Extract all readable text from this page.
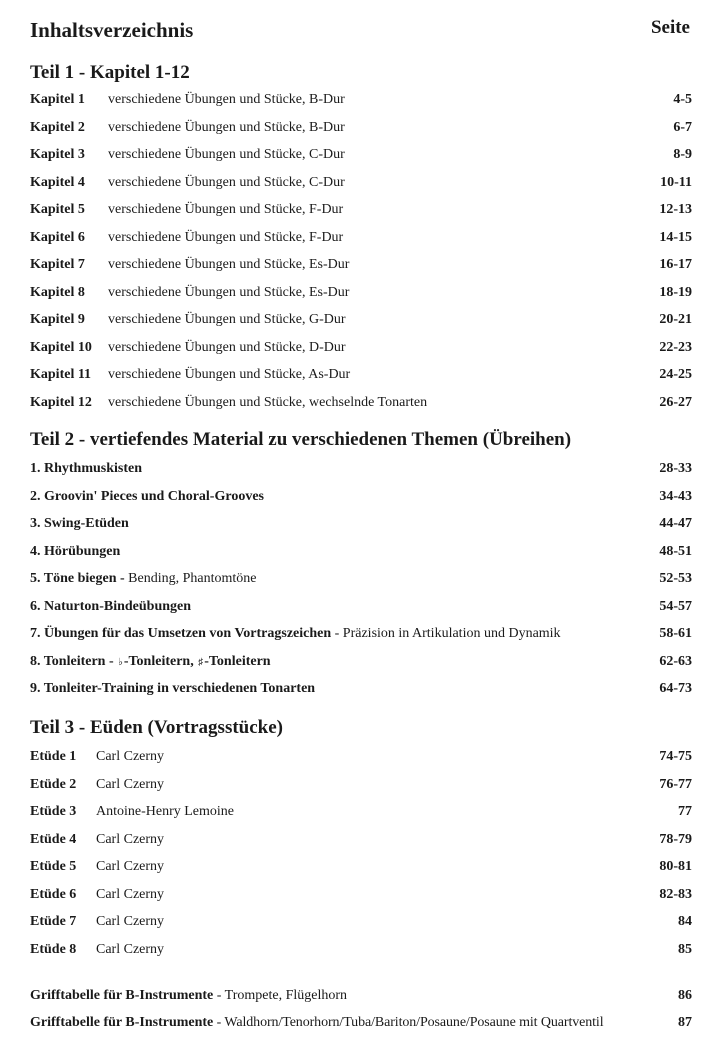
Inhaltsverzeichnis	Seite
Teil 1 - Kapitel 1-12
Kapitel 1 verschiedene Übungen und Stücke, B-Dur	4-5
Kapitel 2 verschiedene Übungen und Stücke, B-Dur	6-7
Kapitel 3 verschiedene Übungen und Stücke, C-Dur	8-9
Kapitel 4 verschiedene Übungen und Stücke, C-Dur	10-11
Kapitel 5 verschiedene Übungen und Stücke, F-Dur	12-13
Kapitel 6 verschiedene Übungen und Stücke, F-Dur	14-15
Kapitel 7 verschiedene Übungen und Stücke, Es-Dur	16-17
Kapitel 8 verschiedene Übungen und Stücke, Es-Dur	18-19
Kapitel 9 verschiedene Übungen und Stücke, G-Dur	20-21
Kapitel 10 verschiedene Übungen und Stücke, D-Dur	22-23
Kapitel 11 verschiedene Übungen und Stücke, As-Dur	24-25
Kapitel 12 verschiedene Übungen und Stücke, wechselnde Tonarten	26-27
Teil 2 - vertiefendes Material zu verschiedenen Themen (Übreihen)
1. Rhythmuskisten	28-33
2. Groovin' Pieces und Choral-Grooves	34-43
3. Swing-Etüden	44-47
4. Hörübungen	48-51
5. Töne biegen - Bending, Phantomtöne	52-53
6. Naturton-Bindeübungen	54-57
7. Übungen für das Umsetzen von Vortragszeichen - Präzision in Artikulation und Dynamik	58-61
8. Tonleitern - ♭-Tonleitern, ♯-Tonleitern	62-63
9. Tonleiter-Training in verschiedenen Tonarten	64-73
Teil 3 - Eüden (Vortragsstücke)
Etüde 1 Carl Czerny	74-75
Etüde 2 Carl Czerny	76-77
Etüde 3 Antoine-Henry Lemoine	77
Etüde 4 Carl Czerny	78-79
Etüde 5 Carl Czerny	80-81
Etüde 6 Carl Czerny	82-83
Etüde 7 Carl Czerny	84
Etüde 8 Carl Czerny	85
Grifftabelle für B-Instrumente - Trompete, Flügelhorn	86
Grifftabelle für B-Instrumente - Waldhorn/Tenorhorn/Tuba/Bariton/Posaune/Posaune mit Quartventil	87
